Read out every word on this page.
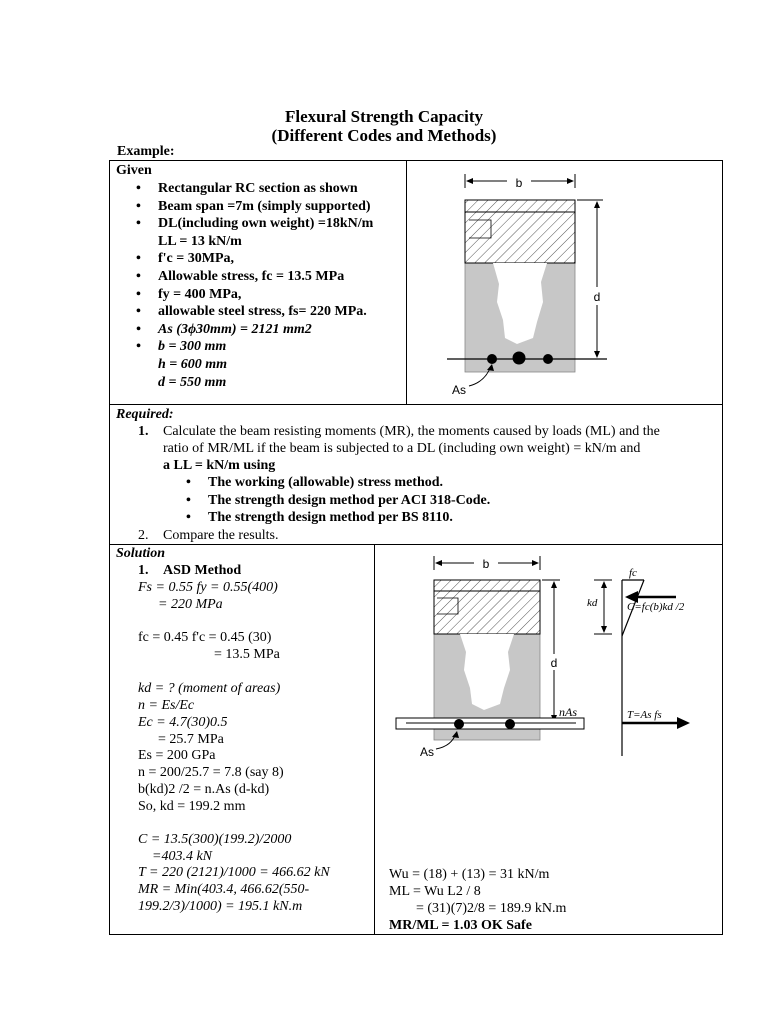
Flexural Strength Capacity
(Different Codes and Methods)
Example:
Given
• Rectangular RC section as shown
• Beam span =7m (simply supported)
• DL(including own weight) =18kN/m
LL = 13 kN/m
• f'c = 30MPa,
• Allowable stress, fc = 13.5 MPa
• fy = 400 MPa,
• allowable steel stress, fs= 220 MPa.
• As (3ϕ30mm) = 2121 mm2
• b = 300 mm
h = 600 mm
d = 550 mm
b
d
As
Required:
1. Calculate the beam resisting moments (MR), the moments caused by loads (ML) and the
ratio of MR/ML if the beam is subjected to a DL (including own weight) = kN/m and
a LL = kN/m using
• The working (allowable) stress method.
• The strength design method per ACI 318-Code.
• The strength design method per BS 8110.
2. Compare the results.
Solution
1. ASD Method
Fs = 0.55 fy = 0.55(400)
= 220 MPa
fc = 0.45 f'c = 0.45 (30)
= 13.5 MPa
kd = ? (moment of areas)
n = Es/Ec
Ec = 4.7(30)0.5
= 25.7 MPa
Es = 200 GPa
n = 200/25.7 = 7.8 (say 8)
b(kd)2 /2 = n.As (d-kd)
So, kd = 199.2 mm
C = 13.5(300)(199.2)/2000
=403.4 kN
T = 220 (2121)/1000 = 466.62 kN
MR = Min(403.4, 466.62(550-
199.2/3)/1000) = 195.1 kN.m
Wu = (18) + (13) = 31 kN/m
ML = Wu L2 / 8
= (31)(7)2/8 = 189.9 kN.m
MR/ML = 1.03 OK Safe
b
d
nAs
As
kd
fc
C=fc(b)kd /2
T=As fs
